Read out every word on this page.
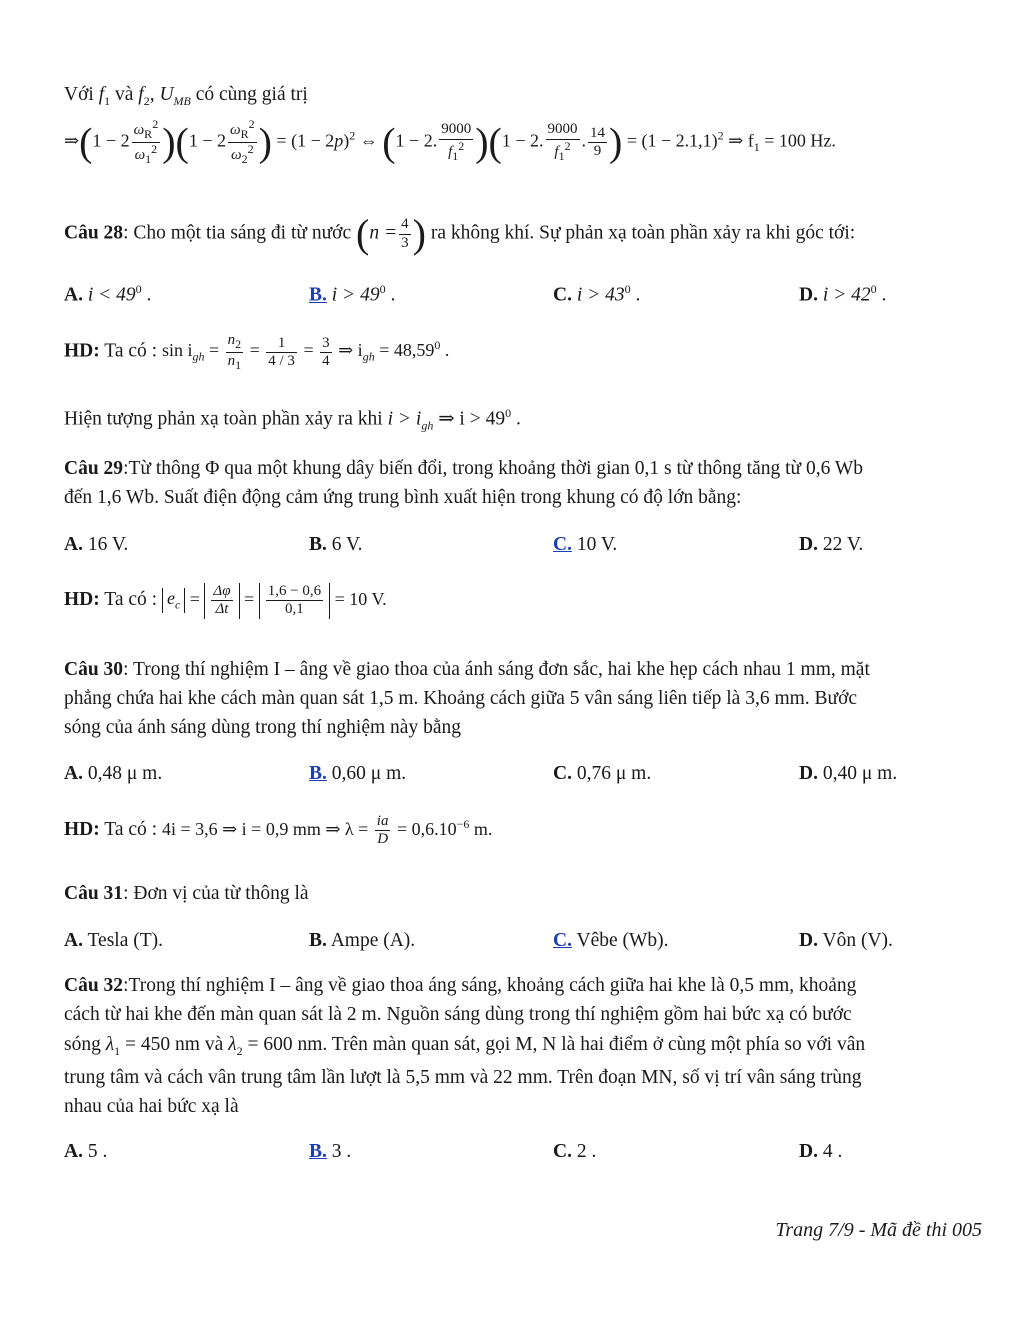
Với $f_1$ và $f_2$, $U_{MB}$ có cùng giá trị
⇒(1 − $2 \frac{\omega_R^2}{\omega_1^2} )(1 - 2 \frac{\omega_R^2}{\omega_2^2}$ ) = $(1 - 2p)^2$ ⇔ (1 − 2. $\frac{9000}{f_1^2} )(1 - 2$. $\frac{9000}{f_1^2}$ . $\frac{14}{9}$ ) = $(1 - 2.1,1)^2$ ⇒ $f_1 = 100$ Hz.
Câu 28: Cho một tia sáng đi từ nước ($n = \frac{4}{3}$ ) ra không khí. Sự phản xạ toàn phần xảy ra khi góc tới:
A. $i < 49^0$ .	B. $i > 49^0$ .	C. $i > 43^0$ .	D. $i > 42^0$ .
HD: Ta có : $\sin i_{gh} = \frac{n_2}{n_1} = \frac{1}{4 / 3} = \frac{3}{4}$ ⇒ $i_{gh} = 48,59^0$ .
Hiện tượng phản xạ toàn phần xảy ra khi $i > i_{gh}$ ⇒ $i > 49^0$ .
Câu 29:Từ thông Φ qua một khung dây biến đổi, trong khoảng thời gian 0,1 s từ thông tăng từ 0,6 Wb
đến 1,6 Wb. Suất điện động cảm ứng trung bình xuất hiện trong khung có độ lớn bằng:
A. 16 V.	B. 6 V.	C. 10 V.	D. 22 V.
HD: Ta có : $e_c = \frac{\Delta\varphi}{\Delta t} = \frac{1,6 - 0,6}{0,1} = 10$ V.
Câu 30: Trong thí nghiệm I – âng về giao thoa của ánh sáng đơn sắc, hai khe hẹp cách nhau 1 mm, mặt
phẳng chứa hai khe cách màn quan sát 1,5 m. Khoảng cách giữa 5 vân sáng liên tiếp là 3,6 mm. Bước
sóng của ánh sáng dùng trong thí nghiệm này bằng
A. 0,48 μ m.	B. 0,60 μ m.	C. 0,76 μ m.	D. 0,40 μ m.
HD: Ta có : 4i = 3,6 ⇒ i = 0,9 mm ⇒ $\lambda = \frac{ia}{D} = 0,6.10^{-6}$ m.
Câu 31: Đơn vị của từ thông là
A. Tesla (T).	B. Ampe (A).	C. Vêbe (Wb).	D. Vôn (V).
Câu 32:Trong thí nghiệm I – âng về giao thoa áng sáng, khoảng cách giữa hai khe là 0,5 mm, khoảng
cách từ hai khe đến màn quan sát là 2 m. Nguồn sáng dùng trong thí nghiệm gồm hai bức xạ có bước
sóng $\lambda_1 = 450$ nm và $\lambda_2 = 600$ nm. Trên màn quan sát, gọi M, N là hai điểm ở cùng một phía so với vân
trung tâm và cách vân trung tâm lần lượt là 5,5 mm và 22 mm. Trên đoạn MN, số vị trí vân sáng trùng
nhau của hai bức xạ là
A. 5 .	B. 3 .	C. 2 .	D. 4 .
Trang 7/9 - Mã đề thi 005
